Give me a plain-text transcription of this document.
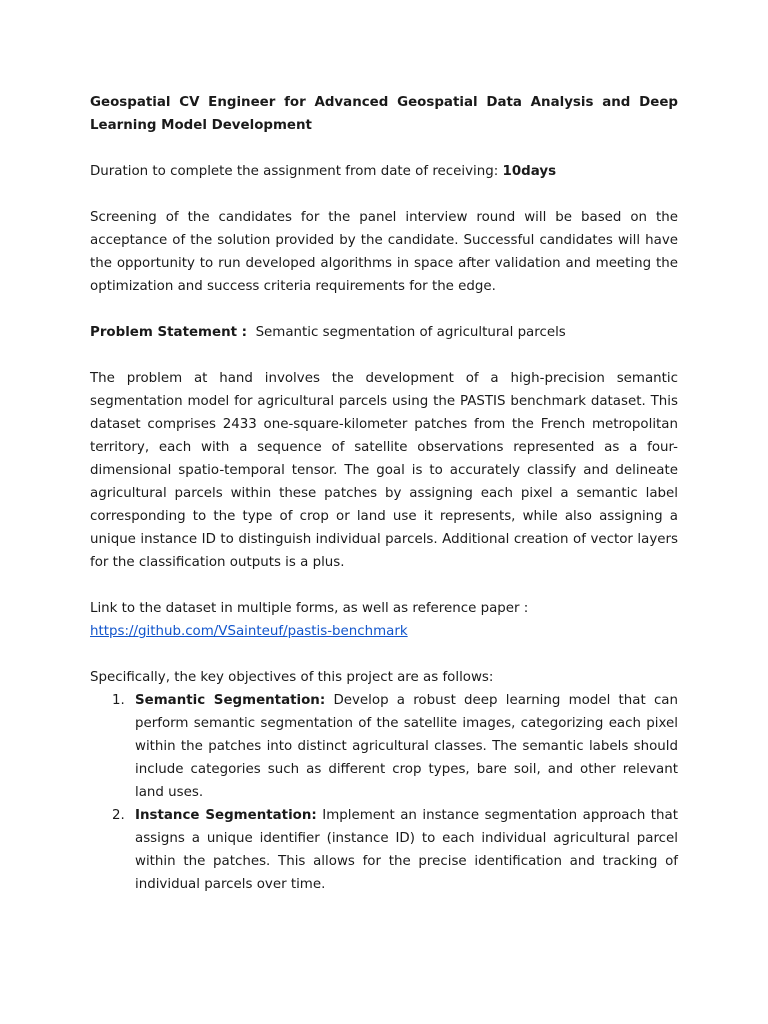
Geospatial CV Engineer for Advanced Geospatial Data Analysis and Deep Learning Model Development

Duration to complete the assignment from date of receiving: 10days

Screening of the candidates for the panel interview round will be based on the acceptance of the solution provided by the candidate. Successful candidates will have the opportunity to run developed algorithms in space after validation and meeting the optimization and success criteria requirements for the edge.

Problem Statement : Semantic segmentation of agricultural parcels

The problem at hand involves the development of a high-precision semantic segmentation model for agricultural parcels using the PASTIS benchmark dataset. This dataset comprises 2433 one-square-kilometer patches from the French metropolitan territory, each with a sequence of satellite observations represented as a four-dimensional spatio-temporal tensor. The goal is to accurately classify and delineate agricultural parcels within these patches by assigning each pixel a semantic label corresponding to the type of crop or land use it represents, while also assigning a unique instance ID to distinguish individual parcels. Additional creation of vector layers for the classification outputs is a plus.

Link to the dataset in multiple forms, as well as reference paper :

https://github.com/VSainteuf/pastis-benchmark

Specifically, the key objectives of this project are as follows:

1. Semantic Segmentation: Develop a robust deep learning model that can perform semantic segmentation of the satellite images, categorizing each pixel within the patches into distinct agricultural classes. The semantic labels should include categories such as different crop types, bare soil, and other relevant land uses.
2. Instance Segmentation: Implement an instance segmentation approach that assigns a unique identifier (instance ID) to each individual agricultural parcel within the patches. This allows for the precise identification and tracking of individual parcels over time.
